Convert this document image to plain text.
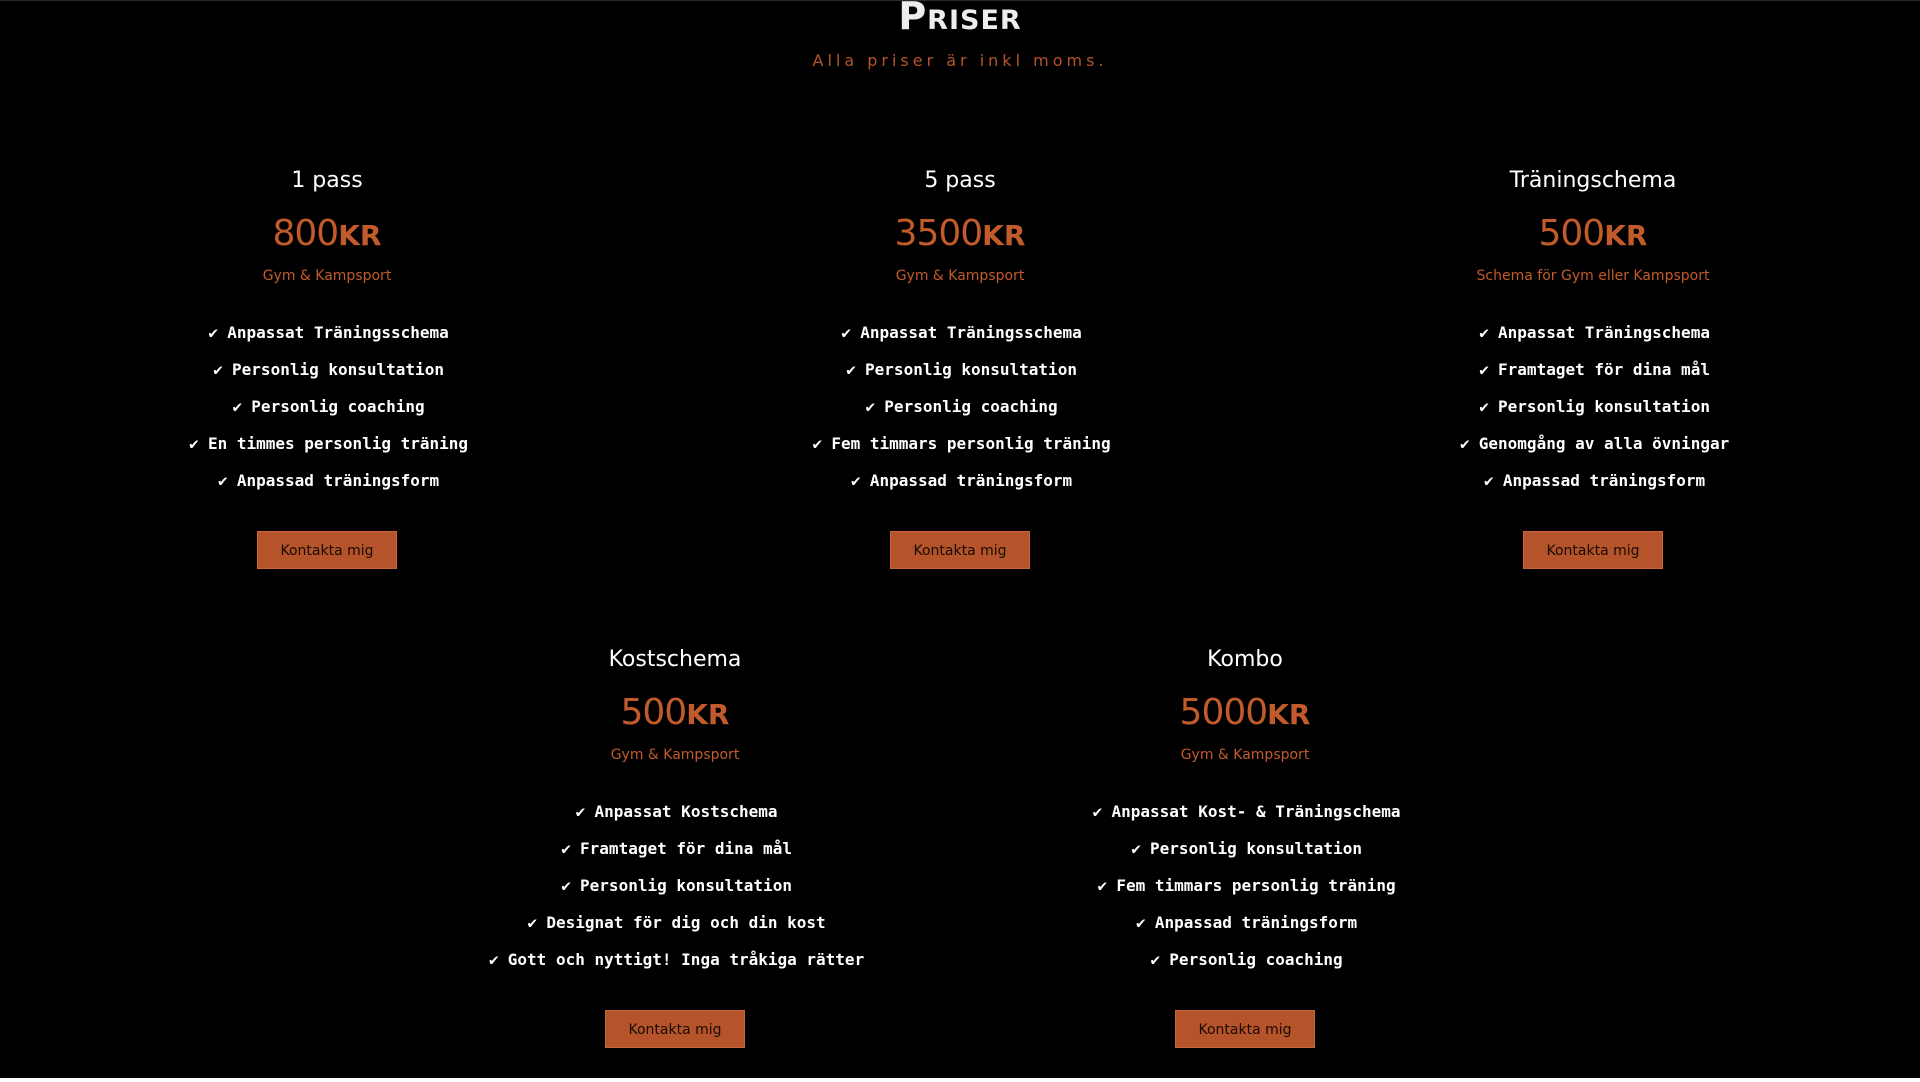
Priser
Alla priser är inkl moms.
1 pass
800KR
Gym & Kampsport
✔ Anpassat Träningsschema
✔ Personlig konsultation
✔ Personlig coaching
✔ En timmes personlig träning
✔ Anpassad träningsform
Kontakta mig
5 pass
3500KR
Gym & Kampsport
✔ Anpassat Träningsschema
✔ Personlig konsultation
✔ Personlig coaching
✔ Fem timmars personlig träning
✔ Anpassad träningsform
Kontakta mig
Träningschema
500KR
Schema för Gym eller Kampsport
✔ Anpassat Träningschema
✔ Framtaget för dina mål
✔ Personlig konsultation
✔ Genomgång av alla övningar
✔ Anpassad träningsform
Kontakta mig
Kostschema
500KR
Gym & Kampsport
✔ Anpassat Kostschema
✔ Framtaget för dina mål
✔ Personlig konsultation
✔ Designat för dig och din kost
✔ Gott och nyttigt! Inga tråkiga rätter
Kontakta mig
Kombo
5000KR
Gym & Kampsport
✔ Anpassat Kost- & Träningschema
✔ Personlig konsultation
✔ Fem timmars personlig träning
✔ Anpassad träningsform
✔ Personlig coaching
Kontakta mig
